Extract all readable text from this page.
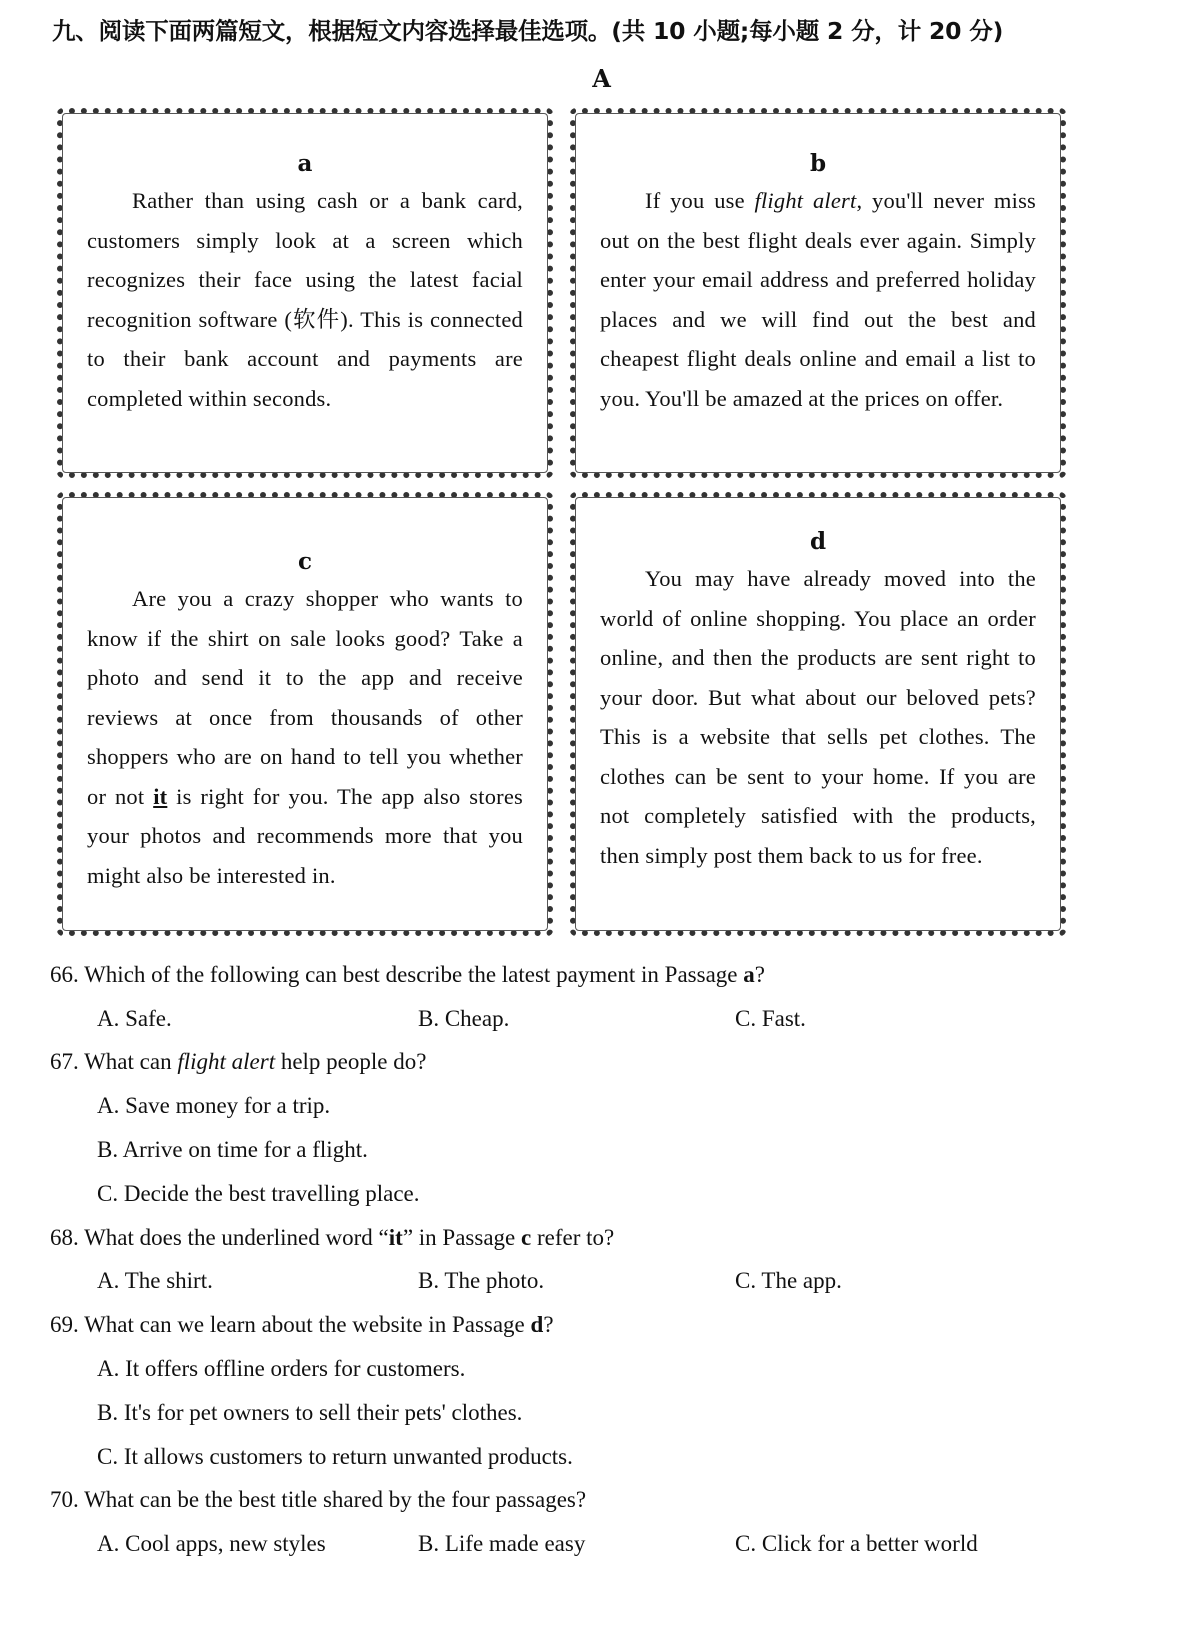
九、阅读下面两篇短文，根据短文内容选择最佳选项。(共 10 小题;每小题 2 分，计 20 分)
A
a
Rather than using cash or a bank card, customers simply look at a screen which recognizes their face using the latest facial recognition software (软件). This is connected to their bank account and payments are completed within seconds.
b
If you use flight alert, you'll never miss out on the best flight deals ever again. Simply enter your email address and preferred holiday places and we will find out the best and cheapest flight deals online and email a list to you. You'll be amazed at the prices on offer.
c
Are you a crazy shopper who wants to know if the shirt on sale looks good? Take a photo and send it to the app and receive reviews at once from thousands of other shoppers who are on hand to tell you whether or not it is right for you. The app also stores your photos and recommends more that you might also be interested in.
d
You may have already moved into the world of online shopping. You place an order online, and then the products are sent right to your door. But what about our beloved pets? This is a website that sells pet clothes. The clothes can be sent to your home. If you are not completely satisfied with the products, then simply post them back to us for free.
66. Which of the following can best describe the latest payment in Passage a?
A. Safe.	B. Cheap.	C. Fast.
67. What can flight alert help people do?
A. Save money for a trip.
B. Arrive on time for a flight.
C. Decide the best travelling place.
68. What does the underlined word “it” in Passage c refer to?
A. The shirt.	B. The photo.	C. The app.
69. What can we learn about the website in Passage d?
A. It offers offline orders for customers.
B. It's for pet owners to sell their pets' clothes.
C. It allows customers to return unwanted products.
70. What can be the best title shared by the four passages?
A. Cool apps, new styles	B. Life made easy	C. Click for a better world
